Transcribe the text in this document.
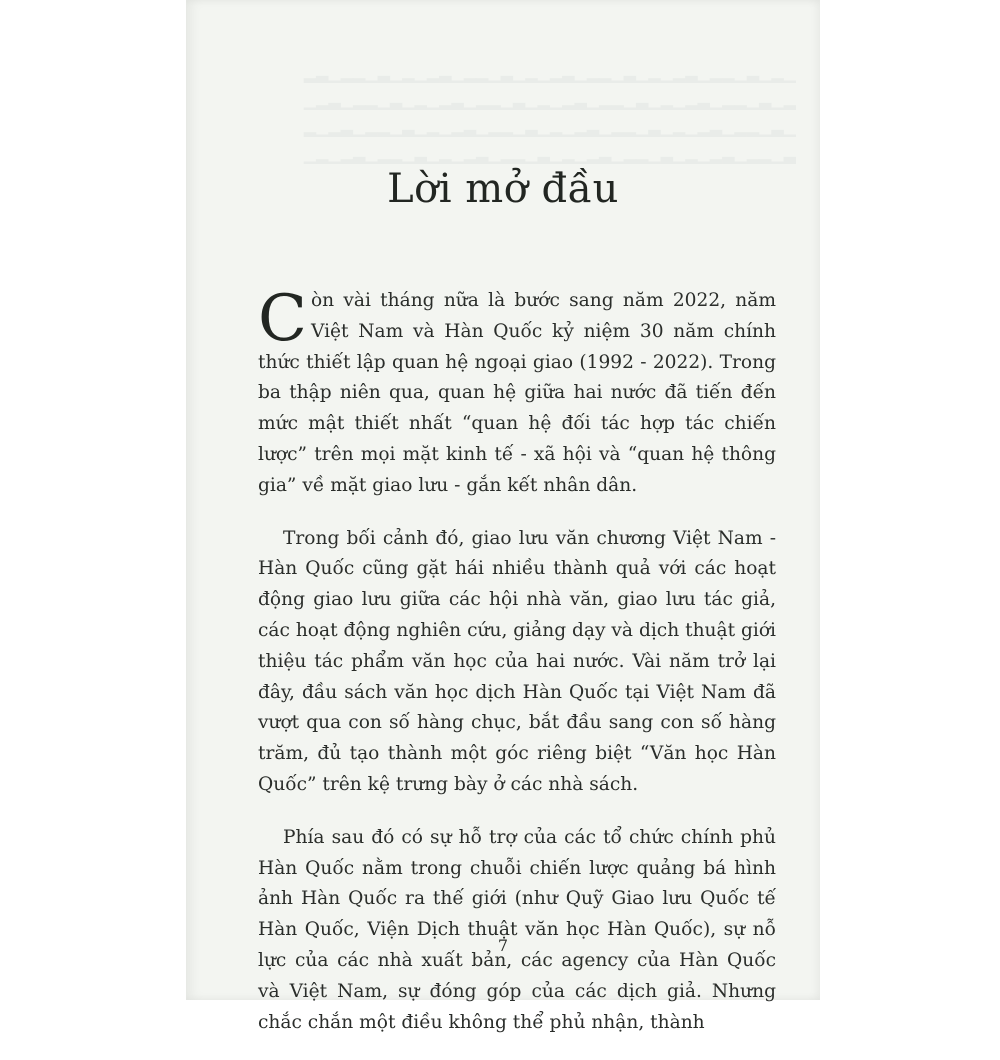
▁▂▁▃▁▂▂▁▃▂▁▂▁▃▁▂▂▁▃▂▁▂▁▃▁▂▂▁▃▂▁▂▁▃▁▂▂▁▃▂
▂▁▃▁▂▂▁▃▂▁▂▁▃▁▂▂▁▃▂▁▂▁▃▁▂▂▁▃▂▁▂▁▃▁▂▂▁▃▂▁
▁▃▁▂▂▁▃▂▁▂▁▃▁▂▂▁▃▂▁▂▁▃▁▂▂▁▃▂▁▂▁▃▁▂▂▁▃▂▁▂
▃▁▂▂▁▃▂▁▂▁▃▁▂▂▁▃▂▁▂▁▃▁▂▂▁▃▂▁▂▁▃▁▂▂▁▃▂▁▂▁
Lời mở đầu

Còn vài tháng nữa là bước sang năm 2022, năm Việt Nam và Hàn Quốc kỷ niệm 30 năm chính thức thiết lập quan hệ ngoại giao (1992 - 2022). Trong ba thập niên qua, quan hệ giữa hai nước đã tiến đến mức mật thiết nhất “quan hệ đối tác hợp tác chiến lược” trên mọi mặt kinh tế - xã hội và “quan hệ thông gia” về mặt giao lưu - gắn kết nhân dân.

Trong bối cảnh đó, giao lưu văn chương Việt Nam - Hàn Quốc cũng gặt hái nhiều thành quả với các hoạt động giao lưu giữa các hội nhà văn, giao lưu tác giả, các hoạt động nghiên cứu, giảng dạy và dịch thuật giới thiệu tác phẩm văn học của hai nước. Vài năm trở lại đây, đầu sách văn học dịch Hàn Quốc tại Việt Nam đã vượt qua con số hàng chục, bắt đầu sang con số hàng trăm, đủ tạo thành một góc riêng biệt “Văn học Hàn Quốc” trên kệ trưng bày ở các nhà sách.

Phía sau đó có sự hỗ trợ của các tổ chức chính phủ Hàn Quốc nằm trong chuỗi chiến lược quảng bá hình ảnh Hàn Quốc ra thế giới (như Quỹ Giao lưu Quốc tế Hàn Quốc, Viện Dịch thuật văn học Hàn Quốc), sự nỗ lực của các nhà xuất bản, các agency của Hàn Quốc và Việt Nam, sự đóng góp của các dịch giả. Nhưng chắc chắn một điều không thể phủ nhận, thành

7
